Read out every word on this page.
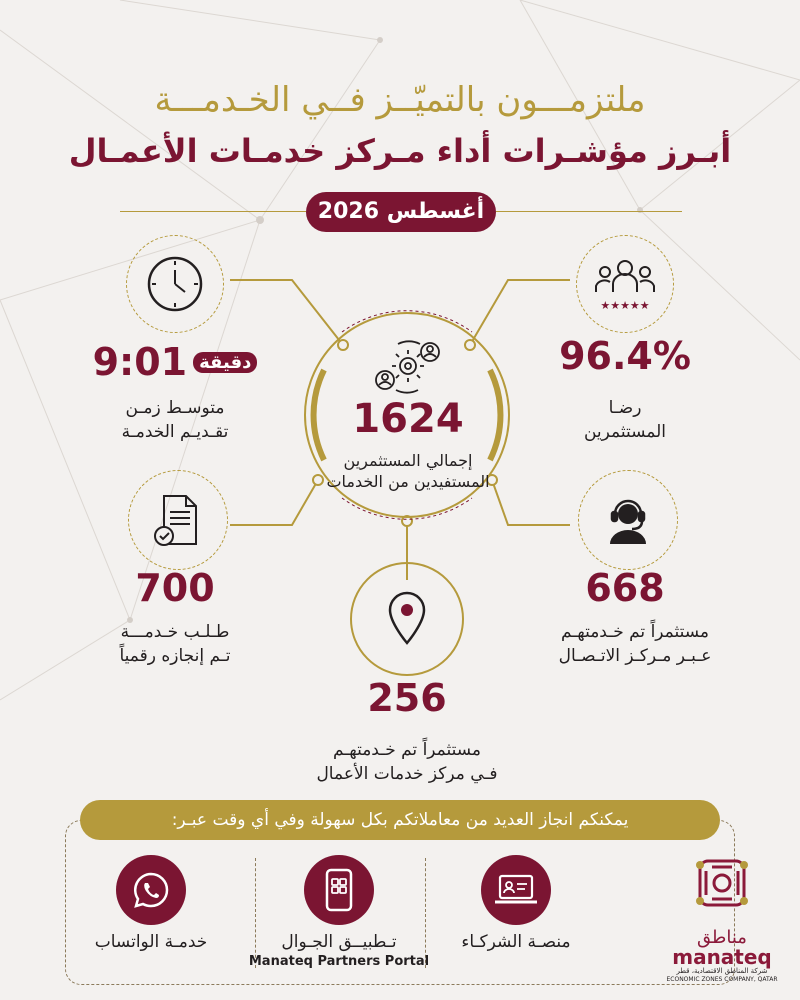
ملتزمـــون بالتميّــز فــي الخـدمـــة
أبـرز مؤشـرات أداء مـركز خدمـات الأعمـال
أغسطس 2026
1624
إجمالي المستثمرين المستفيدين من الخدمات
9:01 دقيقة
متوسـط زمـن
تقـديـم الخدمـة
★★★★★
96.4%
رضـا
المستثمرين
700
طـلـب خـدمـــة
تـم إنجازه رقمياً
668
مستثمراً تم خـدمتهـم
عـبـر مـركـز الاتـصـال
256
مستثمراً تم خـدمتهـم
فـي مركز خدمات الأعمال
يمكنكم انجاز العديد من معاملاتكم بكل سهولة وفي أي وقت عبـر:
خدمـة الواتساب	تـطبيــق الجـوال
Manateq Partners Portal
منصـة الشركـاء	مناطق
manateq
شركة المناطق الاقتصادية، قطر
ECONOMIC ZONES COMPANY, QATAR
